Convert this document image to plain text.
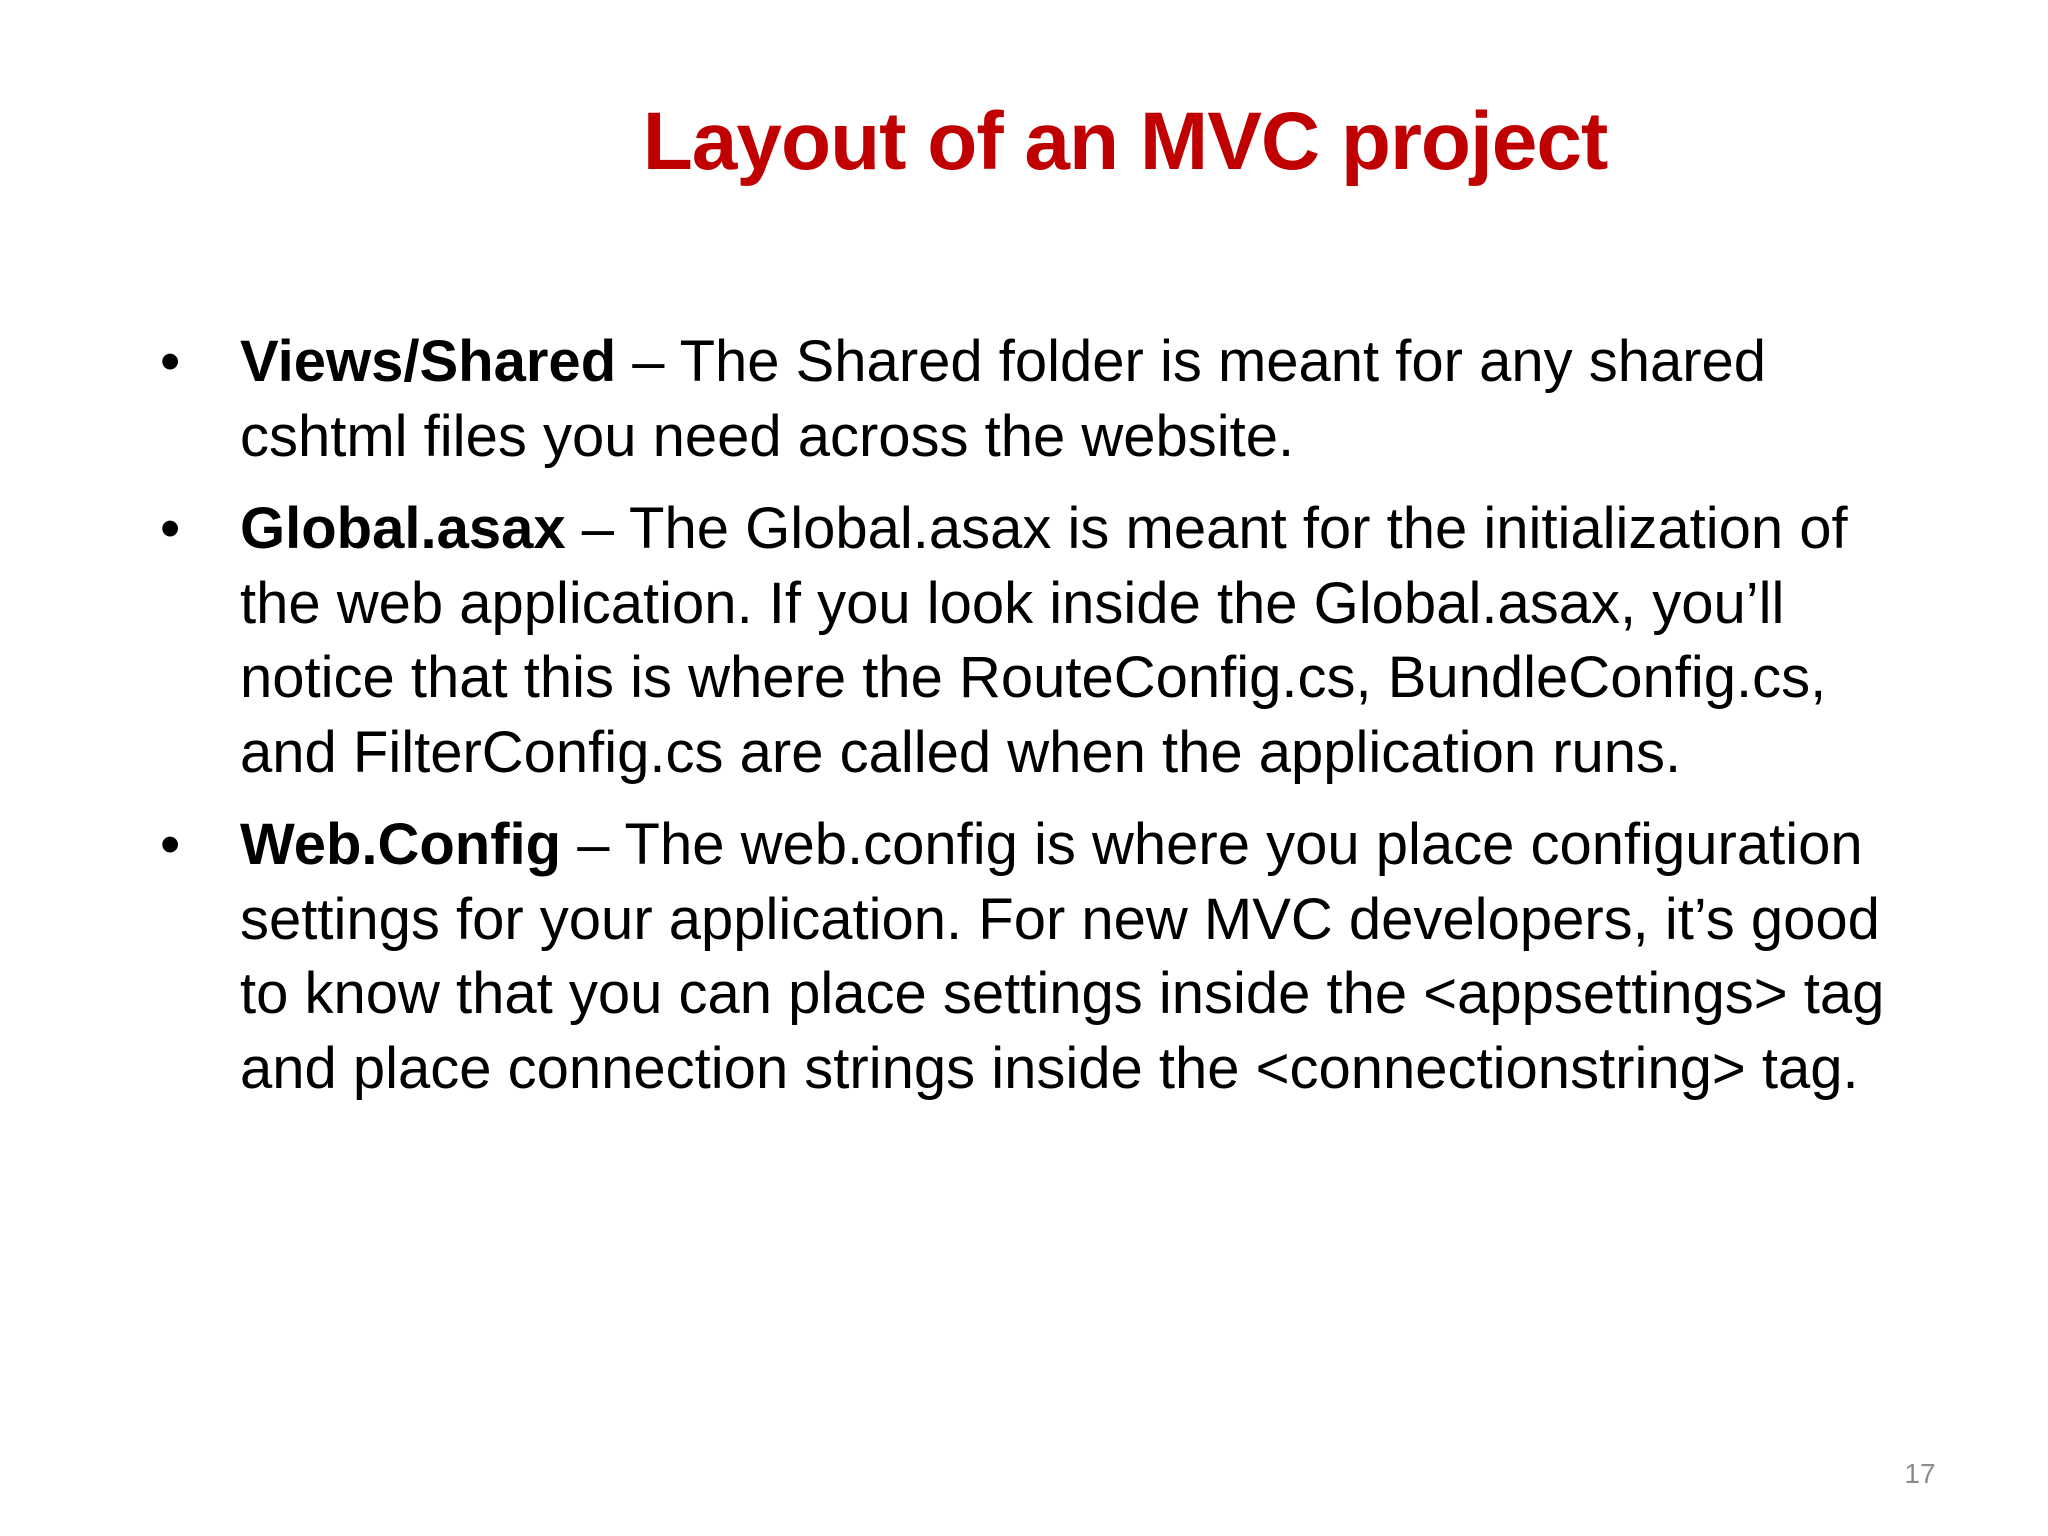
Layout of an MVC project
•	Views/Shared – The Shared folder is meant for any shared cshtml files you need across the website.
•	Global.asax – The Global.asax is meant for the initialization of the web application. If you look inside the Global.asax, you’ll notice that this is where the RouteConfig.cs, BundleConfig.cs, and FilterConfig.cs are called when the application runs.
•	Web.Config – The web.config is where you place configuration settings for your application. For new MVC developers, it’s good to know that you can place settings inside the <appsettings> tag and place connection strings inside the <connectionstring> tag.
17
